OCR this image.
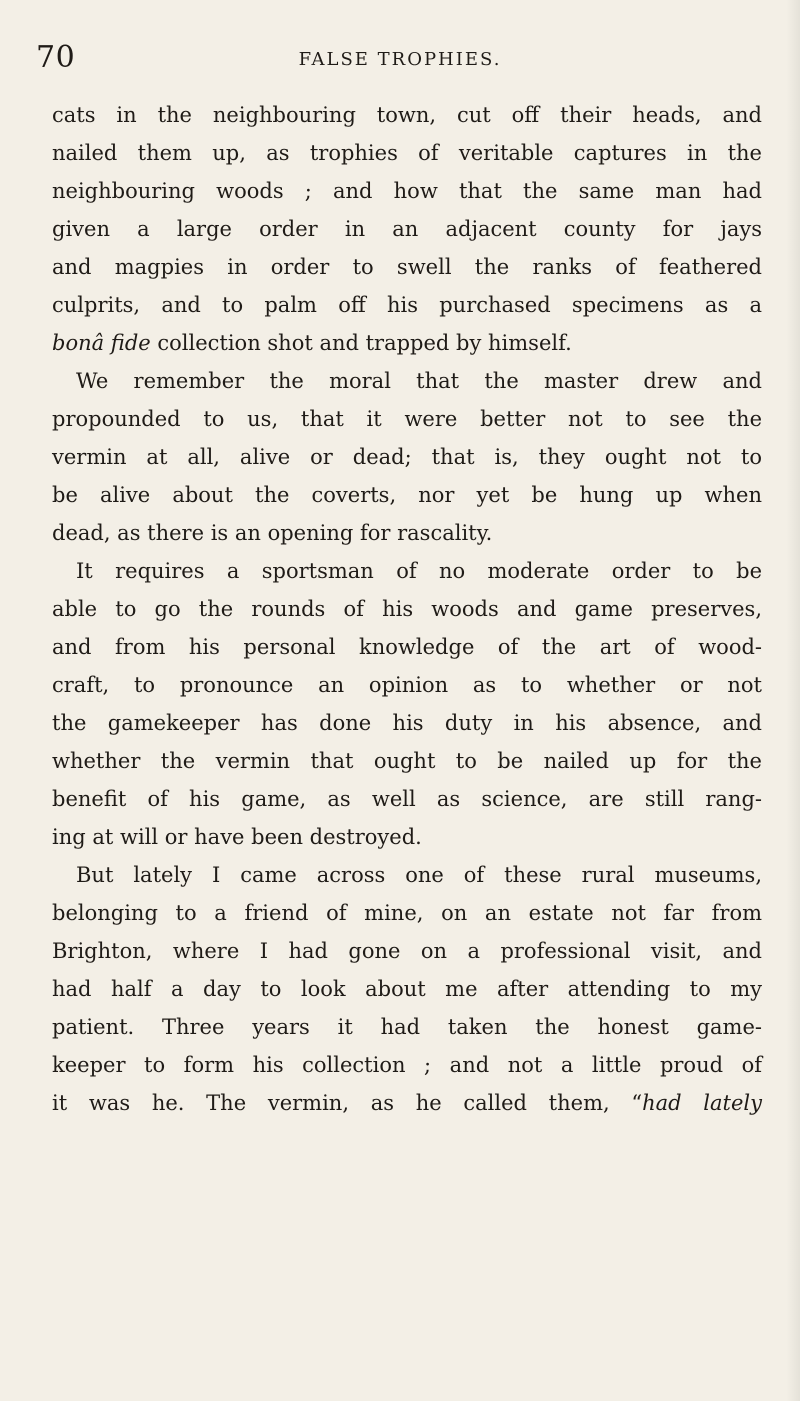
70	FALSE TROPHIES.
cats in the neighbouring town, cut off their heads, and
nailed them up, as trophies of veritable captures in the
neighbouring woods ; and how that the same man had
given a large order in an adjacent county for jays
and magpies in order to swell the ranks of feathered
culprits, and to palm off his purchased specimens as a
bonâ fide collection shot and trapped by himself.
We remember the moral that the master drew and
propounded to us, that it were better not to see the
vermin at all, alive or dead; that is, they ought not to
be alive about the coverts, nor yet be hung up when
dead, as there is an opening for rascality.
It requires a sportsman of no moderate order to be
able to go the rounds of his woods and game preserves,
and from his personal knowledge of the art of wood-
craft, to pronounce an opinion as to whether or not
the gamekeeper has done his duty in his absence, and
whether the vermin that ought to be nailed up for the
benefit of his game, as well as science, are still rang-
ing at will or have been destroyed.
But lately I came across one of these rural museums,
belonging to a friend of mine, on an estate not far from
Brighton, where I had gone on a professional visit, and
had half a day to look about me after attending to my
patient. Three years it had taken the honest game-
keeper to form his collection ; and not a little proud of
it was he. The vermin, as he called them, “had lately
